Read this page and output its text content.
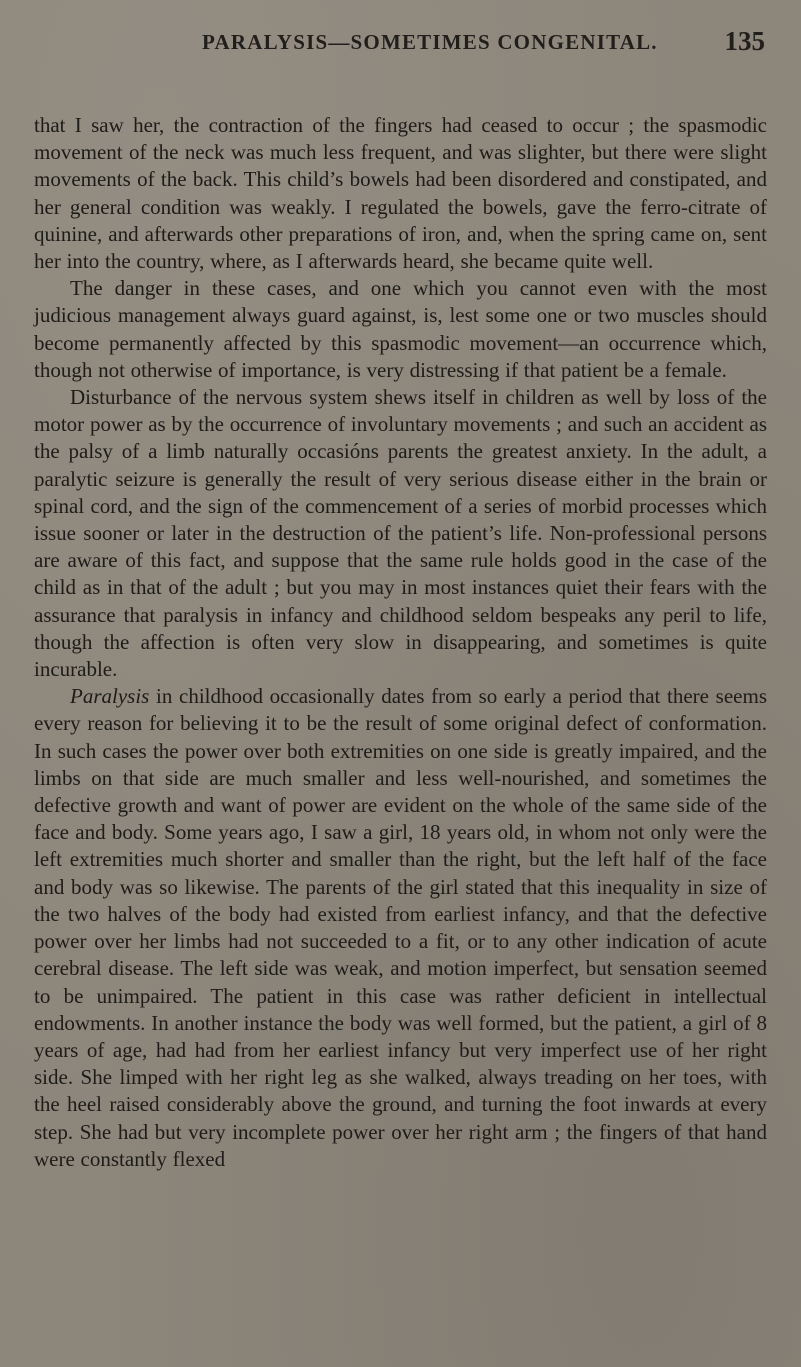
PARALYSIS—SOMETIMES CONGENITAL. 135

that I saw her, the contraction of the fingers had ceased to occur ; the spasmodic movement of the neck was much less frequent, and was slighter, but there were slight movements of the back. This child’s bowels had been disordered and constipated, and her general condition was weakly. I regulated the bowels, gave the ferro-citrate of quinine, and afterwards other preparations of iron, and, when the spring came on, sent her into the country, where, as I afterwards heard, she became quite well.

The danger in these cases, and one which you cannot even with the most judicious management always guard against, is, lest some one or two muscles should become permanently affected by this spasmodic movement—an occurrence which, though not otherwise of importance, is very distressing if that patient be a female.

Disturbance of the nervous system shews itself in children as well by loss of the motor power as by the occurrence of involuntary movements ; and such an accident as the palsy of a limb naturally occasións parents the greatest anxiety. In the adult, a paralytic seizure is generally the result of very serious disease either in the brain or spinal cord, and the sign of the commencement of a series of morbid processes which issue sooner or later in the destruction of the patient’s life. Non-professional persons are aware of this fact, and suppose that the same rule holds good in the case of the child as in that of the adult ; but you may in most instances quiet their fears with the assurance that paralysis in infancy and childhood seldom bespeaks any peril to life, though the affection is often very slow in disappearing, and sometimes is quite incurable.

Paralysis in childhood occasionally dates from so early a period that there seems every reason for believing it to be the result of some original defect of conformation. In such cases the power over both extremities on one side is greatly impaired, and the limbs on that side are much smaller and less well-nourished, and sometimes the defective growth and want of power are evident on the whole of the same side of the face and body. Some years ago, I saw a girl, 18 years old, in whom not only were the left extremities much shorter and smaller than the right, but the left half of the face and body was so likewise. The parents of the girl stated that this inequality in size of the two halves of the body had existed from earliest infancy, and that the defective power over her limbs had not succeeded to a fit, or to any other indication of acute cerebral disease. The left side was weak, and motion imperfect, but sensation seemed to be unimpaired. The patient in this case was rather deficient in intellectual endowments. In another instance the body was well formed, but the patient, a girl of 8 years of age, had had from her earliest infancy but very imperfect use of her right side. She limped with her right leg as she walked, always treading on her toes, with the heel raised considerably above the ground, and turning the foot inwards at every step. She had but very incomplete power over her right arm ; the fingers of that hand were constantly flexed
